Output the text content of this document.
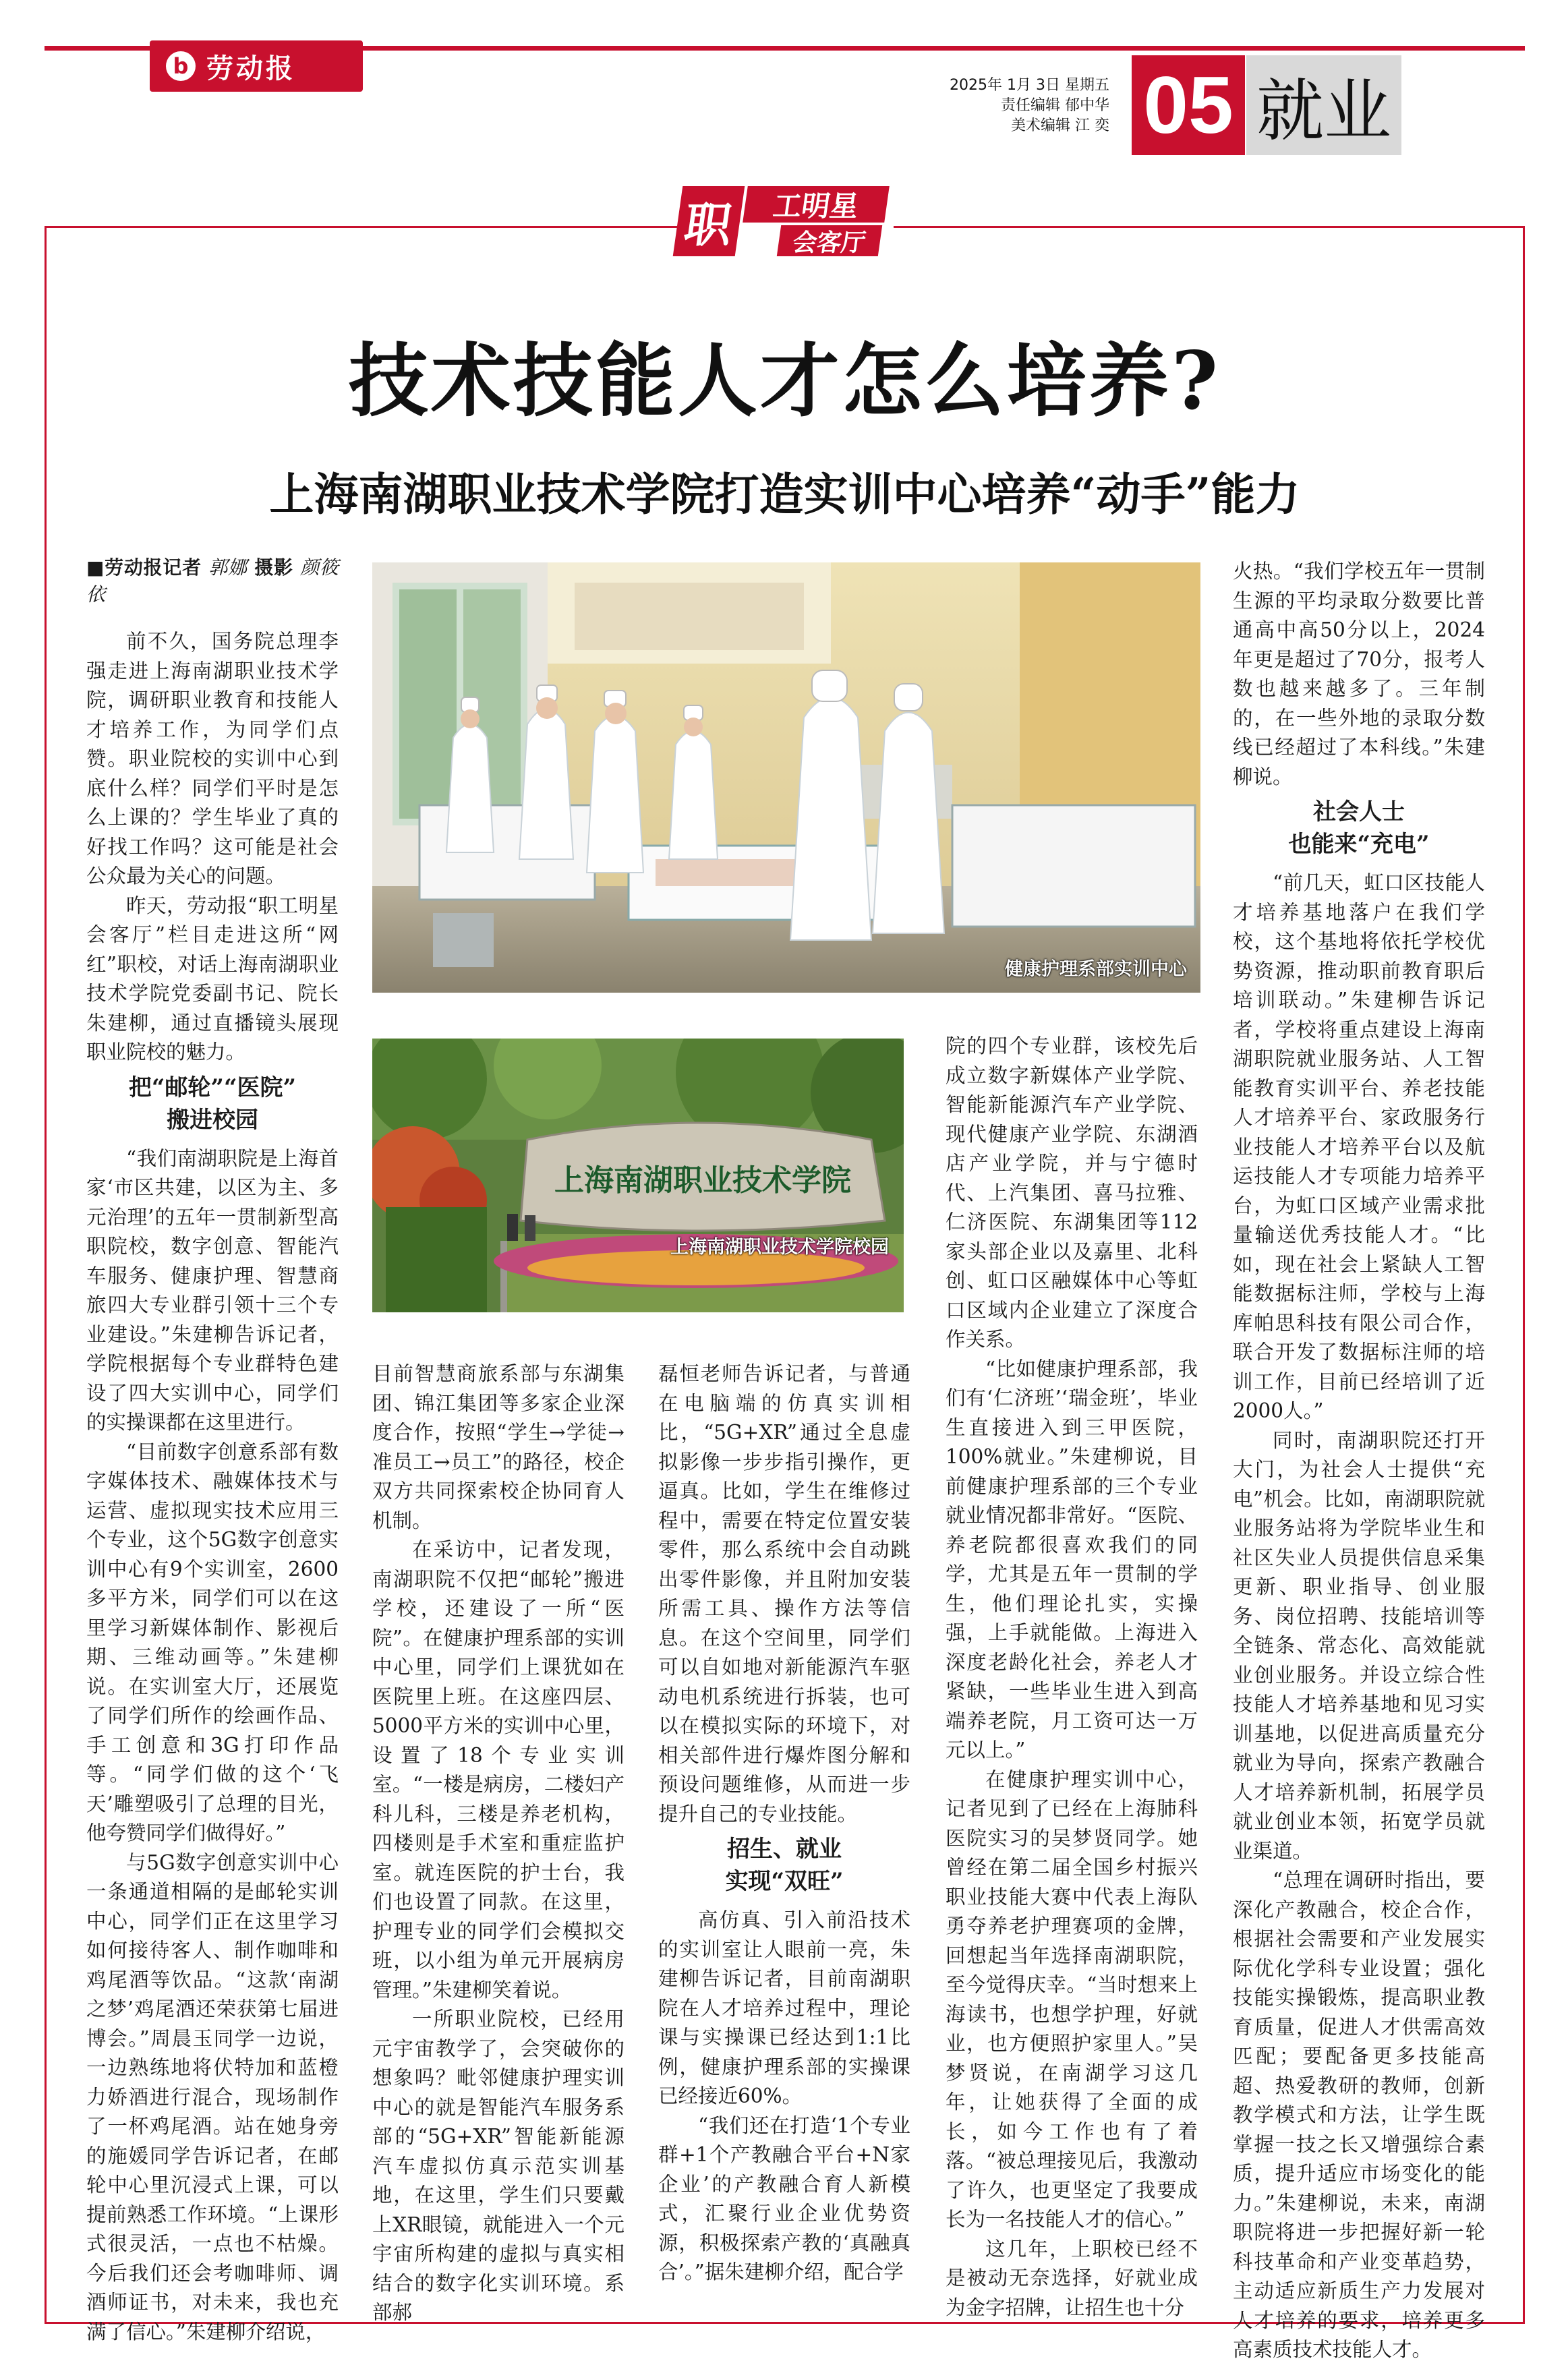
b 劳动报
2025年 1月 3日 星期五
责任编辑 郁中华
美术编辑 江 奕 05 就业
职	工明星
会客厅
技术技能人才怎么培养?
上海南湖职业技术学院打造实训中心培养“动手”能力
健康护理系部实训中心
上海南湖职业技术学院
上海南湖职业技术学院校园
■劳动报记者 郭娜 摄影 颜筱依

前不久，国务院总理李强走进上海南湖职业技术学院，调研职业教育和技能人才培养工作，为同学们点赞。职业院校的实训中心到底什么样？同学们平时是怎么上课的？学生毕业了真的好找工作吗？这可能是社会公众最为关心的问题。

昨天，劳动报“职工明星会客厅”栏目走进这所“网红”职校，对话上海南湖职业技术学院党委副书记、院长朱建柳，通过直播镜头展现职业院校的魅力。

把“邮轮”“医院”
搬进校园

“我们南湖职院是上海首家‘市区共建，以区为主、多元治理’的五年一贯制新型高职院校，数字创意、智能汽车服务、健康护理、智慧商旅四大专业群引领十三个专业建设。”朱建柳告诉记者，学院根据每个专业群特色建设了四大实训中心，同学们的实操课都在这里进行。

“目前数字创意系部有数字媒体技术、融媒体技术与运营、虚拟现实技术应用三个专业，这个5G数字创意实训中心有9个实训室，2600多平方米，同学们可以在这里学习新媒体制作、影视后期、三维动画等。”朱建柳说。在实训室大厅，还展览了同学们所作的绘画作品、手工创意和3G打印作品等。“同学们做的这个‘飞天’雕塑吸引了总理的目光，他夸赞同学们做得好。”

与5G数字创意实训中心一条通道相隔的是邮轮实训中心，同学们正在这里学习如何接待客人、制作咖啡和鸡尾酒等饮品。“这款‘南湖之梦’鸡尾酒还荣获第七届进博会。”周晨玉同学一边说，一边熟练地将伏特加和蓝橙力娇酒进行混合，现场制作了一杯鸡尾酒。站在她身旁的施媛同学告诉记者，在邮轮中心里沉浸式上课，可以提前熟悉工作环境。“上课形式很灵活，一点也不枯燥。今后我们还会考咖啡师、调酒师证书，对未来，我也充满了信心。”朱建柳介绍说，

目前智慧商旅系部与东湖集团、锦江集团等多家企业深度合作，按照“学生→学徒→准员工→员工”的路径，校企双方共同探索校企协同育人机制。

在采访中，记者发现，南湖职院不仅把“邮轮”搬进学校，还建设了一所“医院”。在健康护理系部的实训中心里，同学们上课犹如在医院里上班。在这座四层、5000平方米的实训中心里，设置了18个专业实训室。“一楼是病房，二楼妇产科儿科，三楼是养老机构，四楼则是手术室和重症监护室。就连医院的护士台，我们也设置了同款。在这里，护理专业的同学们会模拟交班，以小组为单元开展病房管理。”朱建柳笑着说。

一所职业院校，已经用元宇宙教学了，会突破你的想象吗？毗邻健康护理实训中心的就是智能汽车服务系部的“5G+XR”智能新能源汽车虚拟仿真示范实训基地，在这里，学生们只要戴上XR眼镜，就能进入一个元宇宙所构建的虚拟与真实相结合的数字化实训环境。系部郝

磊恒老师告诉记者，与普通在电脑端的仿真实训相比，“5G+XR”通过全息虚拟影像一步步指引操作，更逼真。比如，学生在维修过程中，需要在特定位置安装零件，那么系统中会自动跳出零件影像，并且附加安装所需工具、操作方法等信息。在这个空间里，同学们可以自如地对新能源汽车驱动电机系统进行拆装，也可以在模拟实际的环境下，对相关部件进行爆炸图分解和预设问题维修，从而进一步提升自己的专业技能。

招生、就业
实现“双旺”

高仿真、引入前沿技术的实训室让人眼前一亮，朱建柳告诉记者，目前南湖职院在人才培养过程中，理论课与实操课已经达到1:1比例，健康护理系部的实操课已经接近60%。

“我们还在打造‘1个专业群+1个产教融合平台+N家企业’的产教融合育人新模式，汇聚行业企业优势资源，积极探索产教的‘真融真合’。”据朱建柳介绍，配合学

院的四个专业群，该校先后成立数字新媒体产业学院、智能新能源汽车产业学院、现代健康产业学院、东湖酒店产业学院，并与宁德时代、上汽集团、喜马拉雅、仁济医院、东湖集团等112家头部企业以及嘉里、北科创、虹口区融媒体中心等虹口区域内企业建立了深度合作关系。

“比如健康护理系部，我们有‘仁济班’‘瑞金班’，毕业生直接进入到三甲医院，100%就业。”朱建柳说，目前健康护理系部的三个专业就业情况都非常好。“医院、养老院都很喜欢我们的同学，尤其是五年一贯制的学生，他们理论扎实，实操强，上手就能做。上海进入深度老龄化社会，养老人才紧缺，一些毕业生进入到高端养老院，月工资可达一万元以上。”

在健康护理实训中心，记者见到了已经在上海肺科医院实习的吴梦贤同学。她曾经在第二届全国乡村振兴职业技能大赛中代表上海队勇夺养老护理赛项的金牌，回想起当年选择南湖职院，至今觉得庆幸。“当时想来上海读书，也想学护理，好就业，也方便照护家里人。”吴梦贤说，在南湖学习这几年，让她获得了全面的成长，如今工作也有了着落。“被总理接见后，我激动了许久，也更坚定了我要成长为一名技能人才的信心。”

这几年，上职校已经不是被动无奈选择，好就业成为金字招牌，让招生也十分

火热。“我们学校五年一贯制生源的平均录取分数要比普通高中高50分以上，2024年更是超过了70分，报考人数也越来越多了。三年制的，在一些外地的录取分数线已经超过了本科线。”朱建柳说。

社会人士
也能来“充电”

“前几天，虹口区技能人才培养基地落户在我们学校，这个基地将依托学校优势资源，推动职前教育职后培训联动。”朱建柳告诉记者，学校将重点建设上海南湖职院就业服务站、人工智能教育实训平台、养老技能人才培养平台、家政服务行业技能人才培养平台以及航运技能人才专项能力培养平台，为虹口区域产业需求批量输送优秀技能人才。“比如，现在社会上紧缺人工智能数据标注师，学校与上海库帕思科技有限公司合作，联合开发了数据标注师的培训工作，目前已经培训了近2000人。”

同时，南湖职院还打开大门，为社会人士提供“充电”机会。比如，南湖职院就业服务站将为学院毕业生和社区失业人员提供信息采集更新、职业指导、创业服务、岗位招聘、技能培训等全链条、常态化、高效能就业创业服务。并设立综合性技能人才培养基地和见习实训基地，以促进高质量充分就业为导向，探索产教融合人才培养新机制，拓展学员就业创业本领，拓宽学员就业渠道。

“总理在调研时指出，要深化产教融合，校企合作，根据社会需要和产业发展实际优化学科专业设置；强化技能实操锻炼，提高职业教育质量，促进人才供需高效匹配；要配备更多技能高超、热爱教研的教师，创新教学模式和方法，让学生既掌握一技之长又增强综合素质，提升适应市场变化的能力。”朱建柳说，未来，南湖职院将进一步把握好新一轮科技革命和产业变革趋势，主动适应新质生产力发展对人才培养的要求，培养更多高素质技术技能人才。
